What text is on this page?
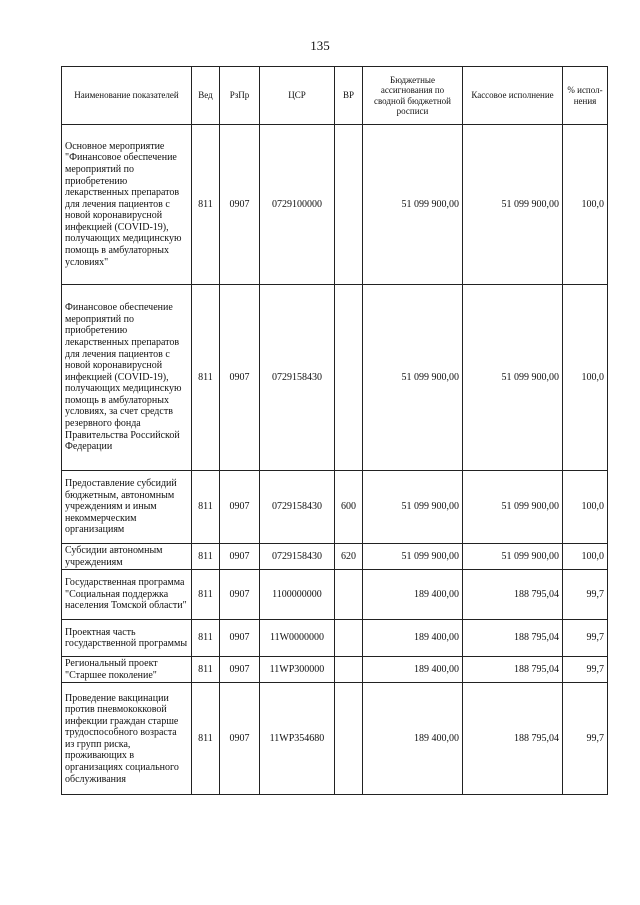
135
Наименование показателей	Вед	РзПр	ЦСР	ВР	Бюджетные ассигнования по сводной бюджетной росписи	Кассовое исполнение	% испол-нения
Основное мероприятие "Финансовое обеспечение мероприятий по приобретению лекарственных препаратов для лечения пациентов с новой коронавирусной инфекцией (COVID-19), получающих медицинскую помощь в амбулаторных условиях"	811	0907	0729100000		51 099 900,00	51 099 900,00	100,0
Финансовое обеспечение мероприятий по приобретению лекарственных препаратов для лечения пациентов с новой коронавирусной инфекцией (COVID-19), получающих медицинскую помощь в амбулаторных условиях, за счет средств резервного фонда Правительства Российской Федерации	811	0907	0729158430		51 099 900,00	51 099 900,00	100,0
Предоставление субсидий бюджетным, автономным учреждениям и иным некоммерческим организациям	811	0907	0729158430	600	51 099 900,00	51 099 900,00	100,0
Субсидии автономным учреждениям	811	0907	0729158430	620	51 099 900,00	51 099 900,00	100,0
Государственная программа "Социальная поддержка населения Томской области"	811	0907	1100000000		189 400,00	188 795,04	99,7
Проектная часть государственной программы	811	0907	11W0000000		189 400,00	188 795,04	99,7
Региональный проект "Старшее поколение"	811	0907	11WP300000		189 400,00	188 795,04	99,7
Проведение вакцинации против пневмококковой инфекции граждан старше трудоспособного возраста из групп риска, проживающих в организациях социального обслуживания	811	0907	11WP354680		189 400,00	188 795,04	99,7
